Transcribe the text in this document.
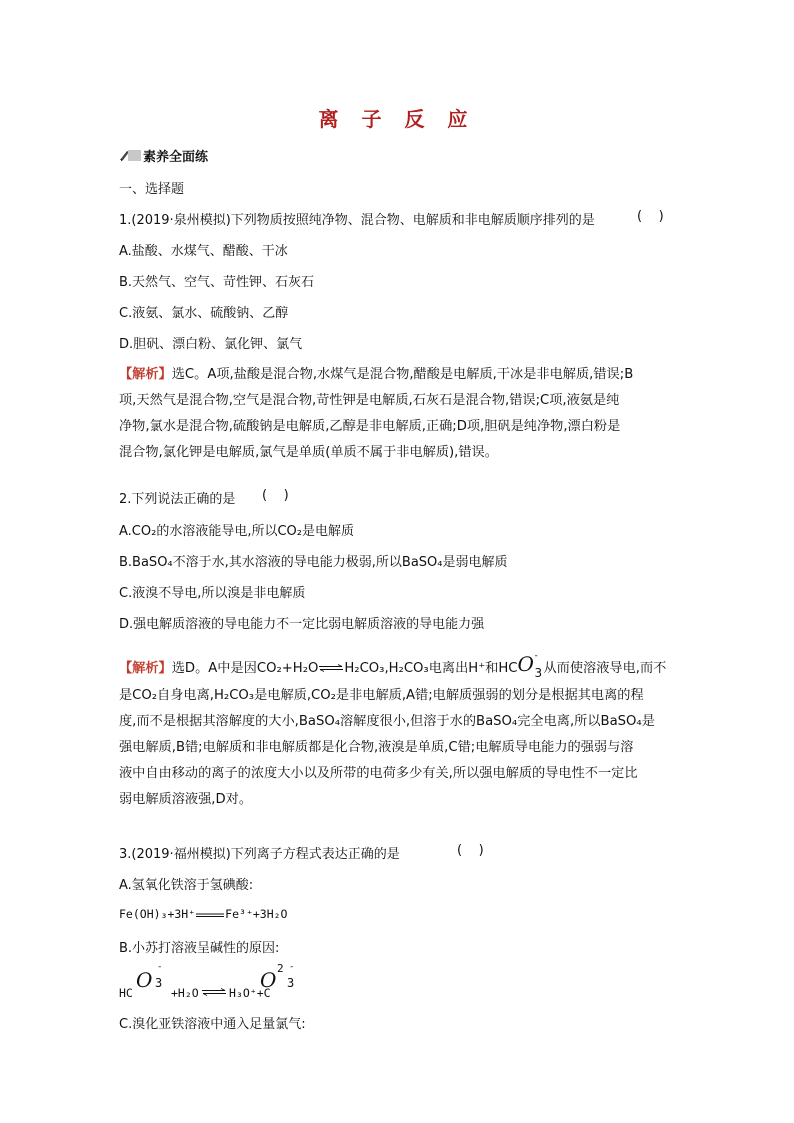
离 子 反 应
素养全面练
一、选择题
1.(2019·泉州模拟)下列物质按照纯净物、混合物、电解质和非电解质顺序排列的是	(    )
A.盐酸、水煤气、醋酸、干冰
B.天然气、空气、苛性钾、石灰石
C.液氨、氯水、硫酸钠、乙醇
D.胆矾、漂白粉、氯化钾、氯气
【解析】选C。A项,盐酸是混合物,水煤气是混合物,醋酸是电解质,干冰是非电解质,错误;B
项,天然气是混合物,空气是混合物,苛性钾是电解质,石灰石是混合物,错误;C项,液氨是纯
净物,氯水是混合物,硫酸钠是电解质,乙醇是非电解质,正确;D项,胆矾是纯净物,漂白粉是
混合物,氯化钾是电解质,氯气是单质(单质不属于非电解质),错误。
2.下列说法正确的是 (    )
A.CO₂的水溶液能导电,所以CO₂是电解质
B.BaSO₄不溶于水,其水溶液的导电能力极弱,所以BaSO₄是弱电解质
C.液溴不导电,所以溴是非电解质
D.强电解质溶液的导电能力不一定比弱电解质溶液的导电能力强
【解析】选D。A中是因CO₂+H₂O⇌H₂CO₃,H₂CO₃电离出H⁺和HC O -
3 从而使溶液导电,而不
是CO₂自身电离,H₂CO₃是电解质,CO₂是非电解质,A错;电解质强弱的划分是根据其电离的程
度,而不是根据其溶解度的大小,BaSO₄溶解度很小,但溶于水的BaSO₄完全电离,所以BaSO₄是
强电解质,B错;电解质和非电解质都是化合物,液溴是单质,C错;电解质导电能力的强弱与溶
液中自由移动的离子的浓度大小以及所带的电荷多少有关,所以强电解质的导电性不一定比
弱电解质溶液强,D对。
3.(2019·福州模拟)下列离子方程式表达正确的是	(    )
A.氢氧化铁溶于氢碘酸:
Fe(OH)₃+3H⁺	Fe³⁺+3H₂O
B.小苏打溶液呈碱性的原因:
HC
O
-
3
+H₂O ⇌ H₃O⁺+C
O 2 -
3
C.溴化亚铁溶液中通入足量氯气:
